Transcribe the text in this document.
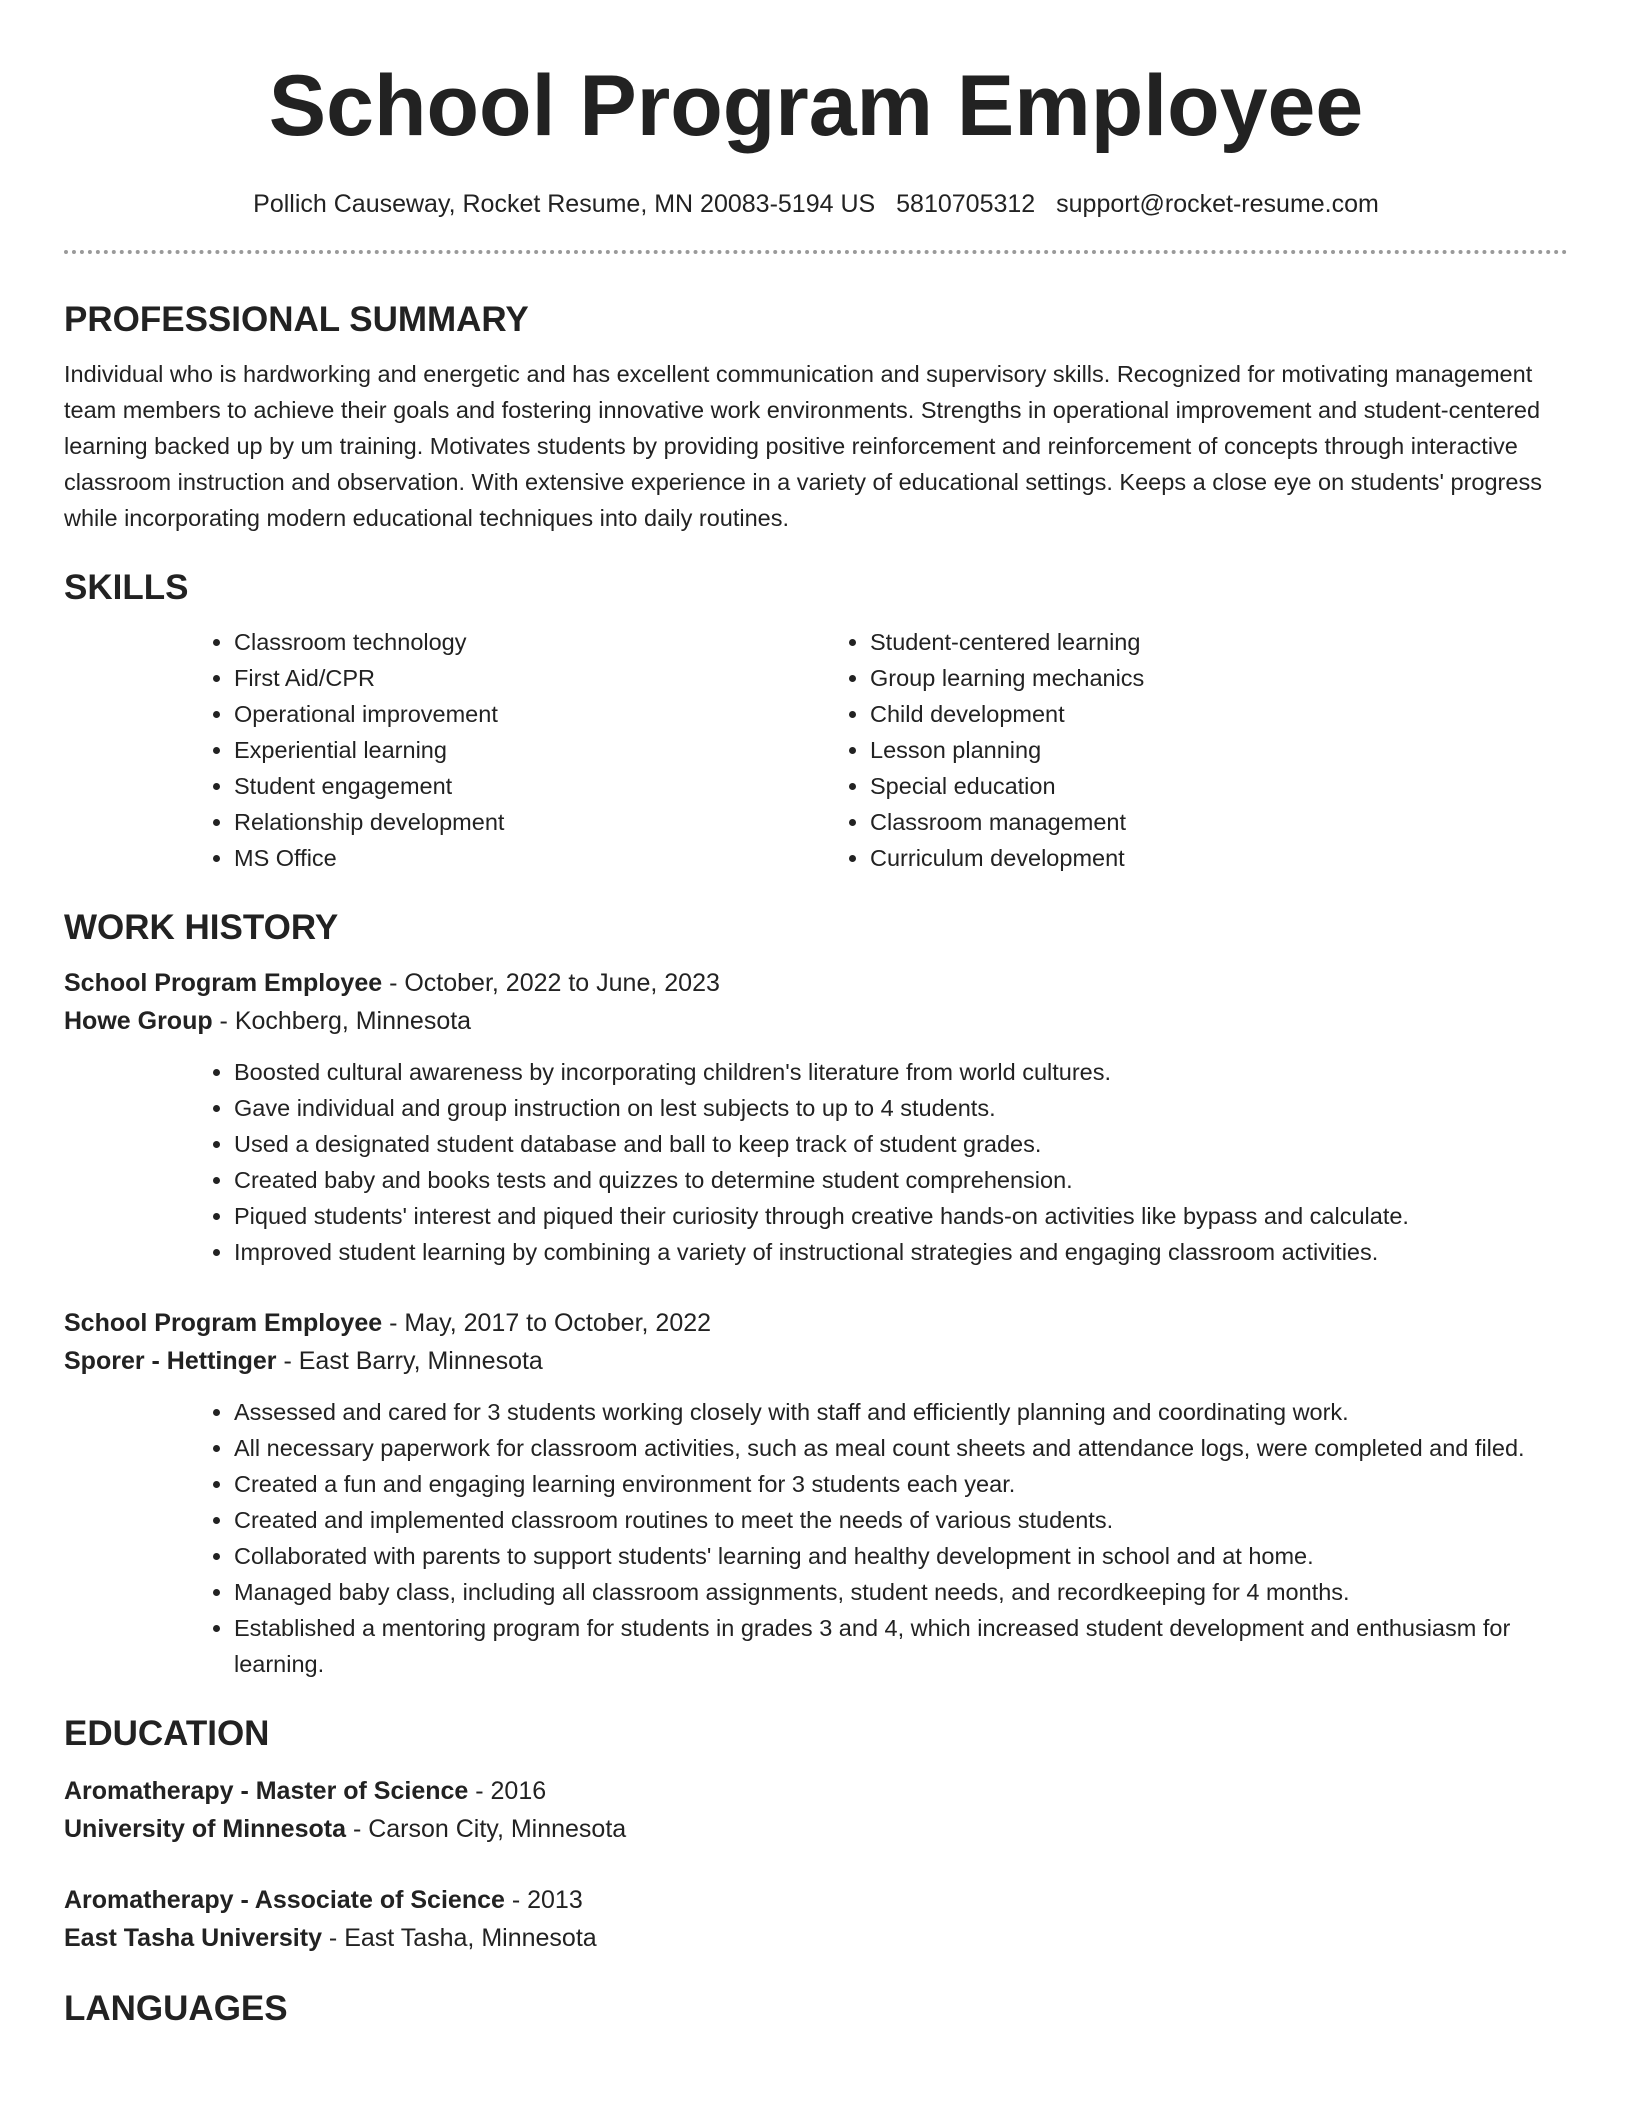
School Program Employee
Pollich Causeway, Rocket Resume, MN 20083-5194 US 5810705312 support@rocket-resume.com
PROFESSIONAL SUMMARY

Individual who is hardworking and energetic and has excellent communication and supervisory skills. Recognized for motivating management team members to achieve their goals and fostering innovative work environments. Strengths in operational improvement and student-centered learning backed up by um training. Motivates students by providing positive reinforcement and reinforcement of concepts through interactive classroom instruction and observation. With extensive experience in a variety of educational settings. Keeps a close eye on students' progress while incorporating modern educational techniques into daily routines.

SKILLS
• Classroom technology
• First Aid/CPR
• Operational improvement
• Experiential learning
• Student engagement
• Relationship development
• MS Office
• Student-centered learning
• Group learning mechanics
• Child development
• Lesson planning
• Special education
• Classroom management
• Curriculum development
WORK HISTORY

School Program Employee - October, 2022 to June, 2023

Howe Group - Kochberg, Minnesota

• Boosted cultural awareness by incorporating children's literature from world cultures.
• Gave individual and group instruction on lest subjects to up to 4 students.
• Used a designated student database and ball to keep track of student grades.
• Created baby and books tests and quizzes to determine student comprehension.
• Piqued students' interest and piqued their curiosity through creative hands-on activities like bypass and calculate.
• Improved student learning by combining a variety of instructional strategies and engaging classroom activities.

School Program Employee - May, 2017 to October, 2022

Sporer - Hettinger - East Barry, Minnesota

• Assessed and cared for 3 students working closely with staff and efficiently planning and coordinating work.
• All necessary paperwork for classroom activities, such as meal count sheets and attendance logs, were completed and filed.
• Created a fun and engaging learning environment for 3 students each year.
• Created and implemented classroom routines to meet the needs of various students.
• Collaborated with parents to support students' learning and healthy development in school and at home.
• Managed baby class, including all classroom assignments, student needs, and recordkeeping for 4 months.
• Established a mentoring program for students in grades 3 and 4, which increased student development and enthusiasm for learning.
EDUCATION

Aromatherapy - Master of Science - 2016

University of Minnesota - Carson City, Minnesota

Aromatherapy - Associate of Science - 2013

East Tasha University - East Tasha, Minnesota

LANGUAGES
